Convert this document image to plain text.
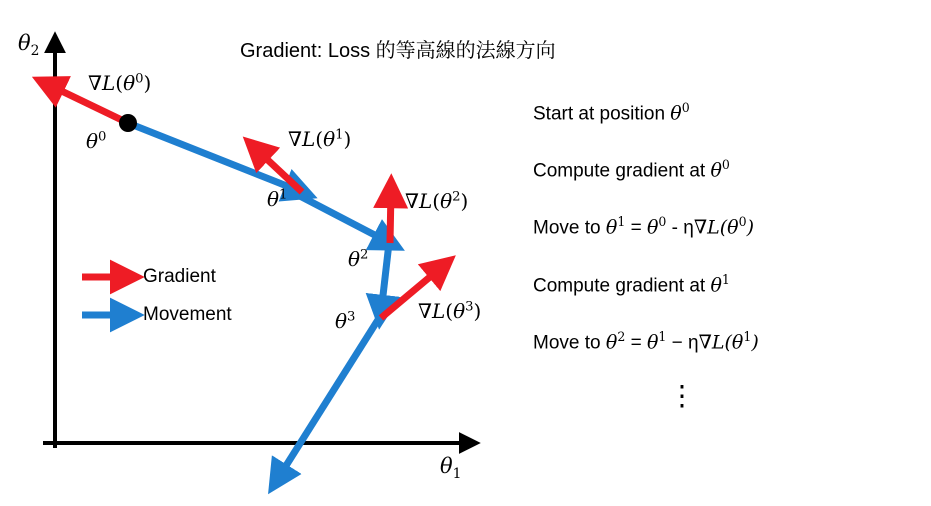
Gradient: Loss 的等高線的法線方向
$\theta_2$
$\theta_1$
$\theta^0$
$\theta^1$
$\theta^2$
$\theta^3$
$\nabla L(\theta^0)$
$\nabla L(\theta^1)$
$\nabla L(\theta^2)$
$\nabla L(\theta^3)$
Gradient
Movement
Start at position $\theta^0$
Compute gradient at $\theta^0$
Move to $\theta^1 = \theta^0 - \eta\nabla L(\theta^0)$
Compute gradient at $\theta^1$
Move to $\theta^2 = \theta^1 - \eta\nabla L(\theta^1)$
⋮
